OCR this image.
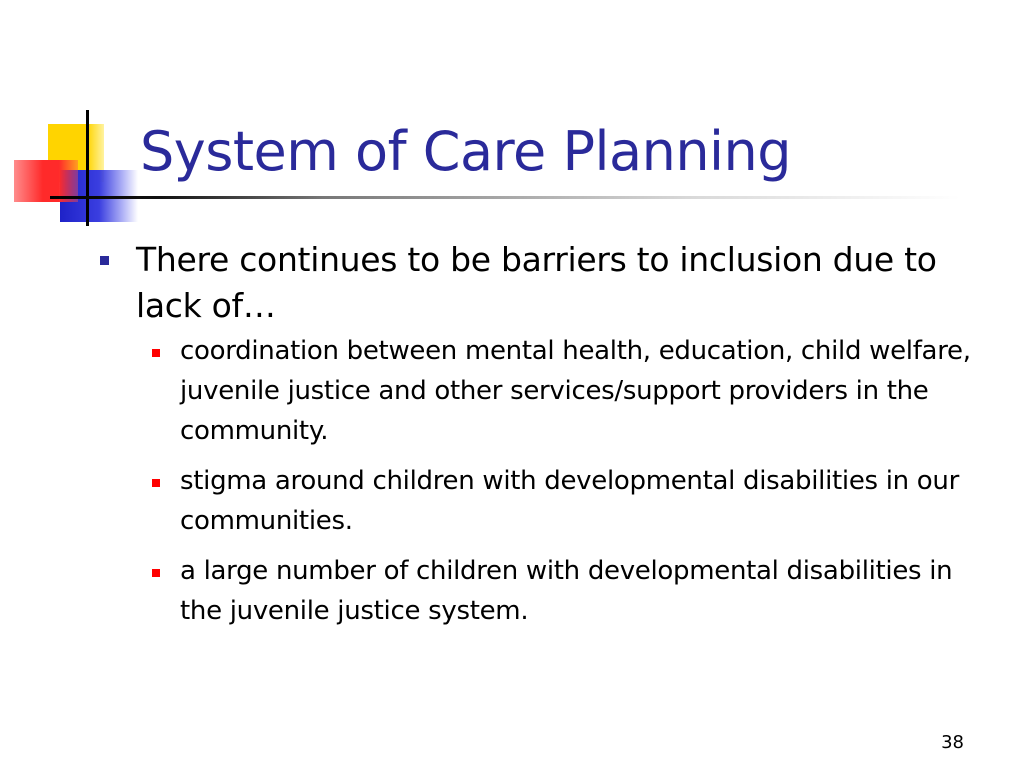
System of Care Planning
There continues to be barriers to inclusion due to lack of…
coordination between mental health, education, child welfare, juvenile justice and other services/support providers in the community.
stigma around children with developmental disabilities in our communities.
a large number of children with developmental disabilities in the juvenile justice system.
38
